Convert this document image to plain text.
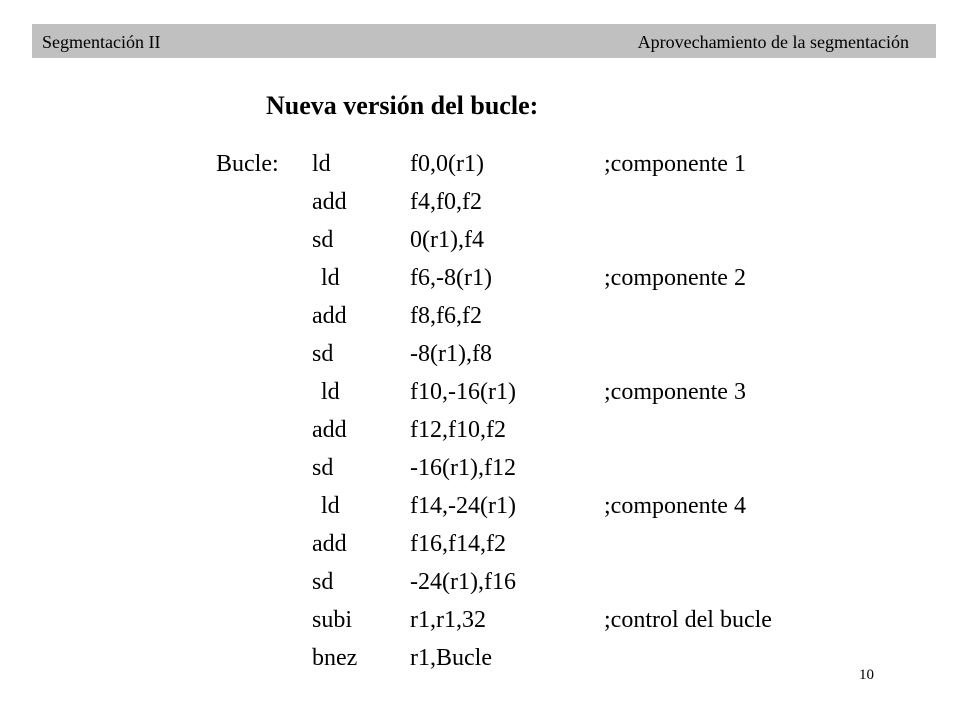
Segmentación II	Aprovechamiento de la segmentación
Nueva versión del bucle:
Bucle: ld	f0,0(r1)	;componente 1
add	f4,f0,f2
sd	0(r1),f4
ld	f6,-8(r1)	;componente 2
add	f8,f6,f2
sd	-8(r1),f8
ld	f10,-16(r1)	;componente 3
add	f12,f10,f2
sd	-16(r1),f12
ld	f14,-24(r1)	;componente 4
add	f16,f14,f2
sd	-24(r1),f16
subi r1,r1,32	;control del bucle
bnez r1,Bucle
10
